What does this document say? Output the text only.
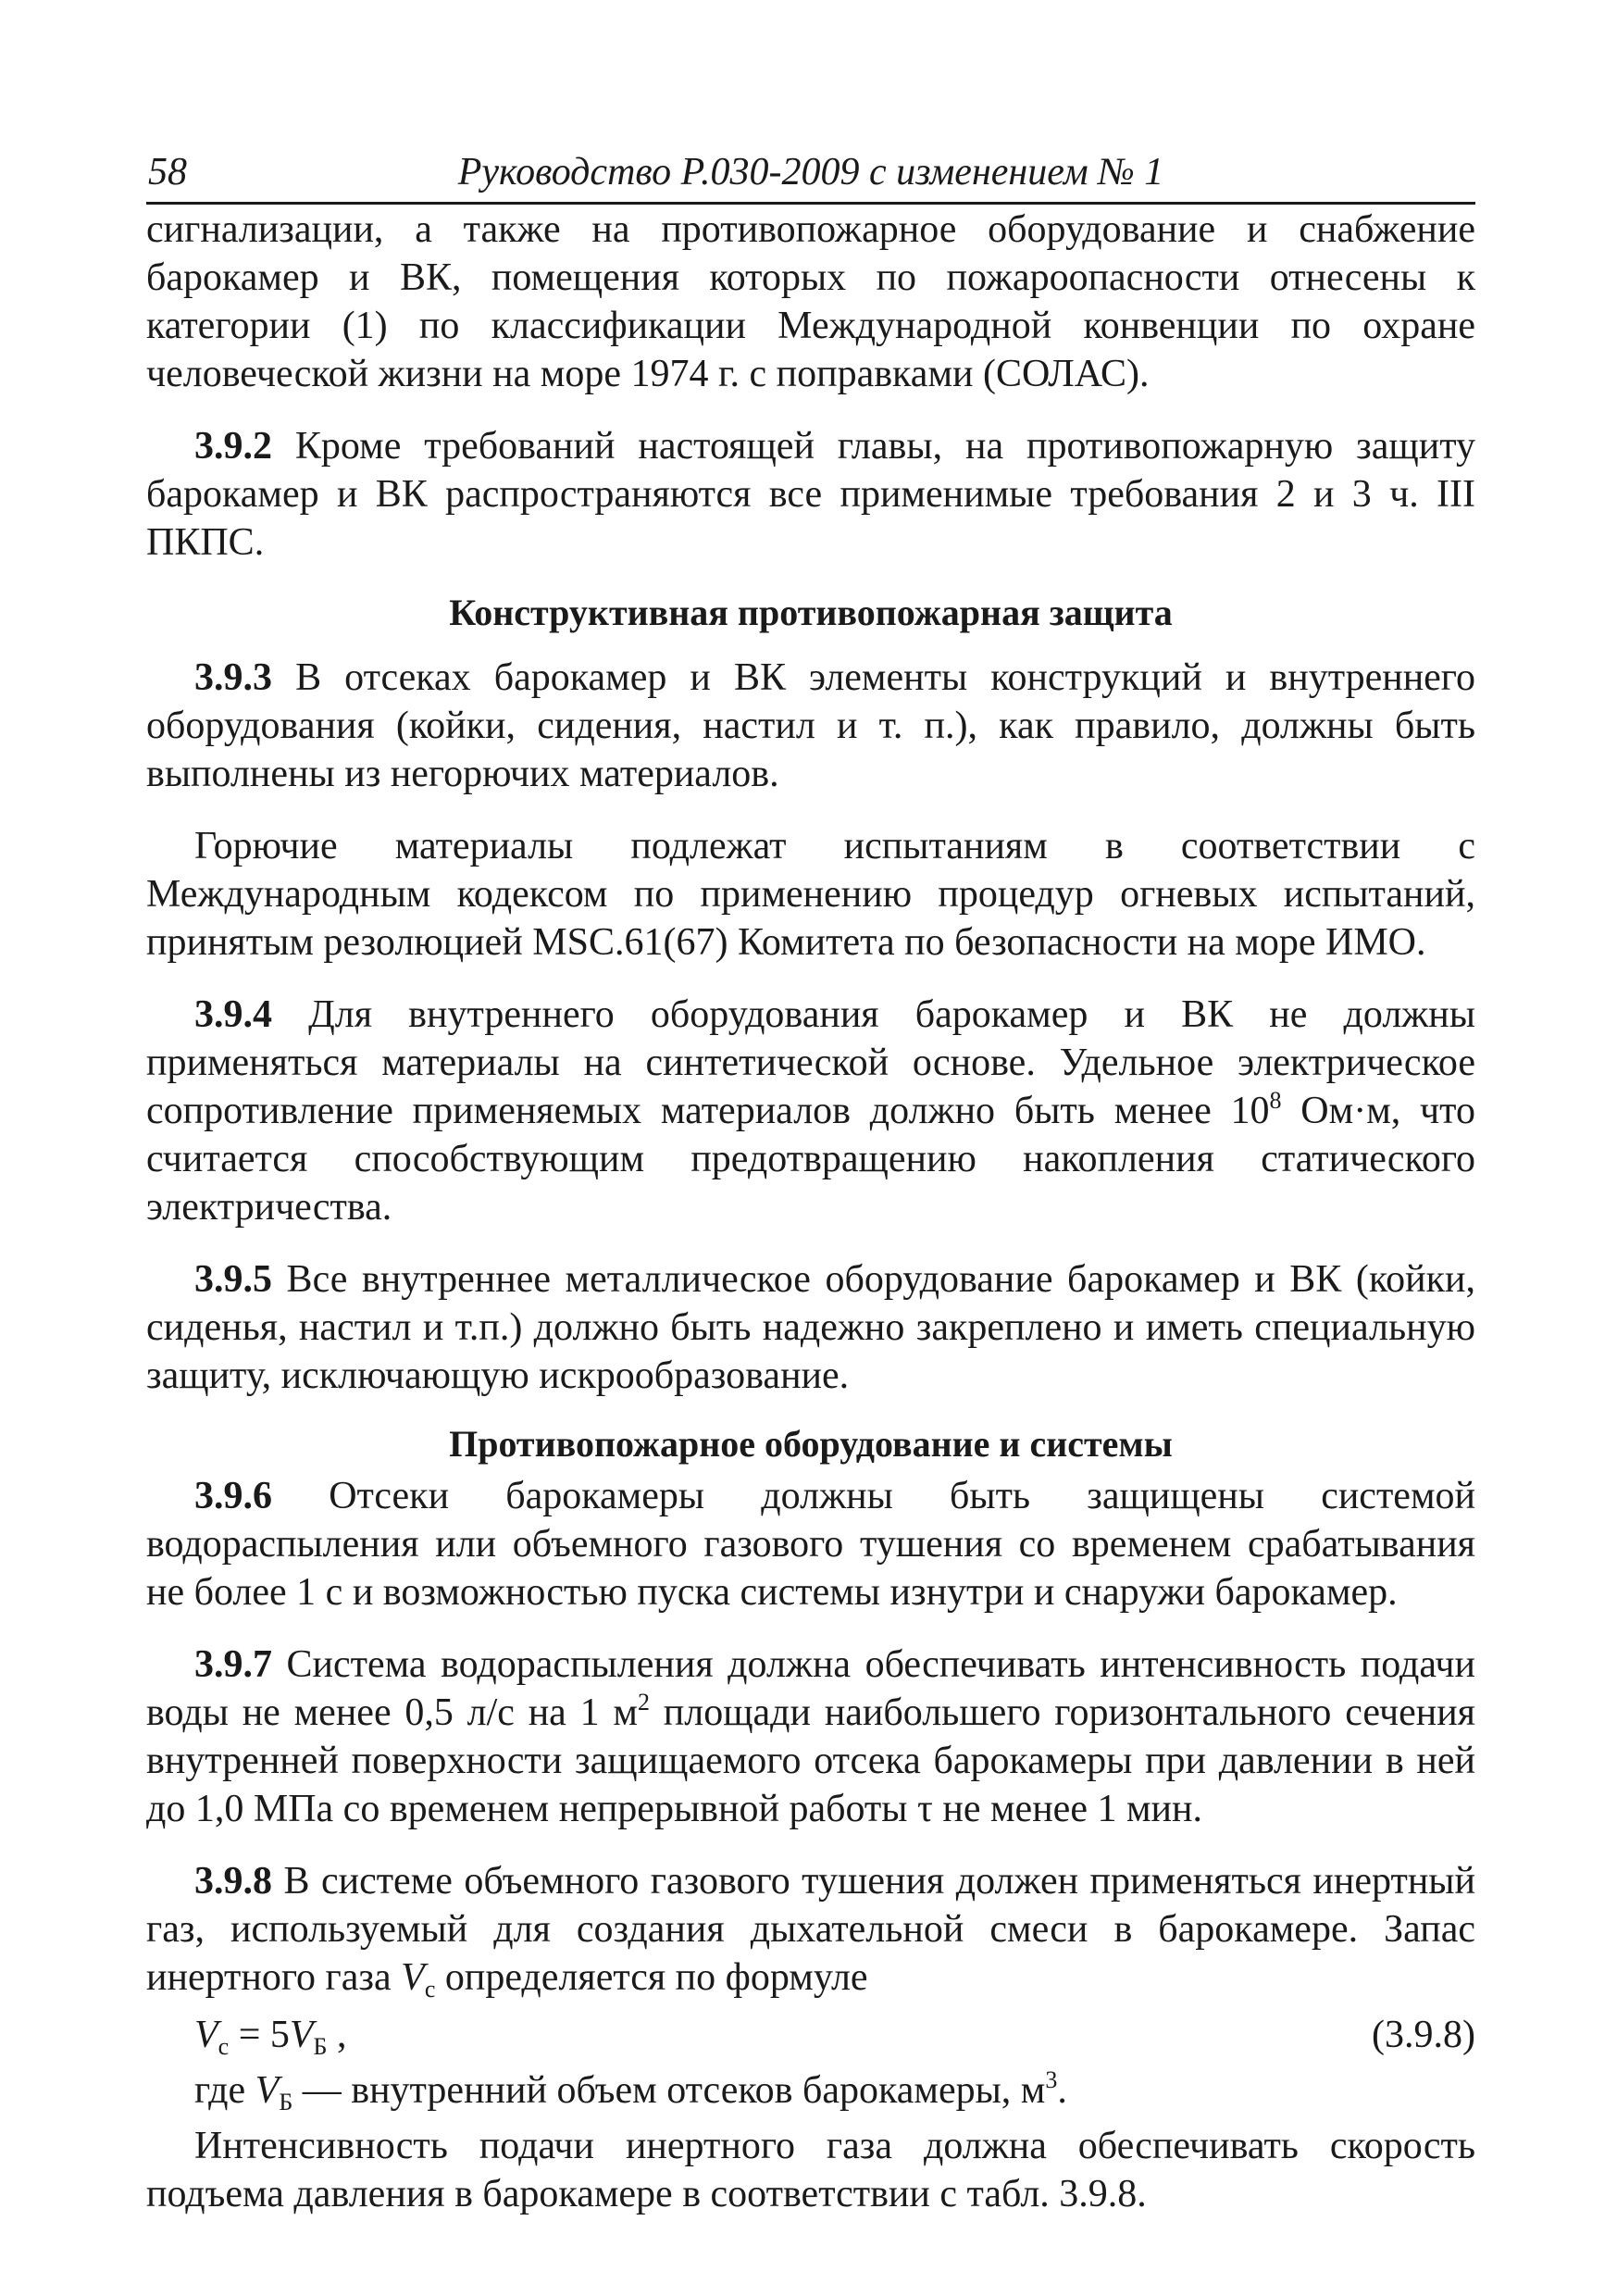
58	Руководство Р.030-2009 с изменением № 1

сигнализации, а также на противопожарное оборудование и снабжение барокамер и ВК, помещения которых по пожароопасности отнесены к категории (1) по классификации Международной конвенции по охране человеческой жизни на море 1974 г. с поправками (СОЛАС).

3.9.2 Кроме требований настоящей главы, на противопожарную защиту барокамер и ВК распространяются все применимые требования 2 и 3 ч. III ПКПС.

Конструктивная противопожарная защита

3.9.3 В отсеках барокамер и ВК элементы конструкций и внутреннего оборудования (койки, сидения, настил и т. п.), как правило, должны быть выполнены из негорючих материалов.

Горючие материалы подлежат испытаниям в соответствии с Международным кодексом по применению процедур огневых испытаний, принятым резолюцией MSC.61(67) Комитета по безопасности на море ИМО.

3.9.4 Для внутреннего оборудования барокамер и ВК не должны применяться материалы на синтетической основе. Удельное электрическое сопротивление применяемых материалов должно быть менее $10^8$ Ом·м, что считается способствующим предотвращению накопления статического электричества.

3.9.5 Все внутреннее металлическое оборудование барокамер и ВК (койки, сиденья, настил и т.п.) должно быть надежно закреплено и иметь специальную защиту, исключающую искрообразование.

Противопожарное оборудование и системы

3.9.6 Отсеки барокамеры должны быть защищены системой водораспыления или объемного газового тушения со временем срабатывания не более 1 с и возможностью пуска системы изнутри и снаружи барокамер.

3.9.7 Система водораспыления должна обеспечивать интенсивность подачи воды не менее 0,5 л/с на 1 $м^2$ площади наибольшего горизонтального сечения внутренней поверхности защищаемого отсека барокамеры при давлении в ней до 1,0 МПа со временем непрерывной работы τ не менее 1 мин.

3.9.8 В системе объемного газового тушения должен применяться инертный газ, используемый для создания дыхательной смеси в барокамере. Запас инертного газа $V_с$ определяется по формуле

$V_с = 5V_Б$ ,	(3.9.8)

где $V_Б$ — внутренний объем отсеков барокамеры, $м^3$.

Интенсивность подачи инертного газа должна обеспечивать скорость подъема давления в барокамере в соответствии с табл. 3.9.8.
